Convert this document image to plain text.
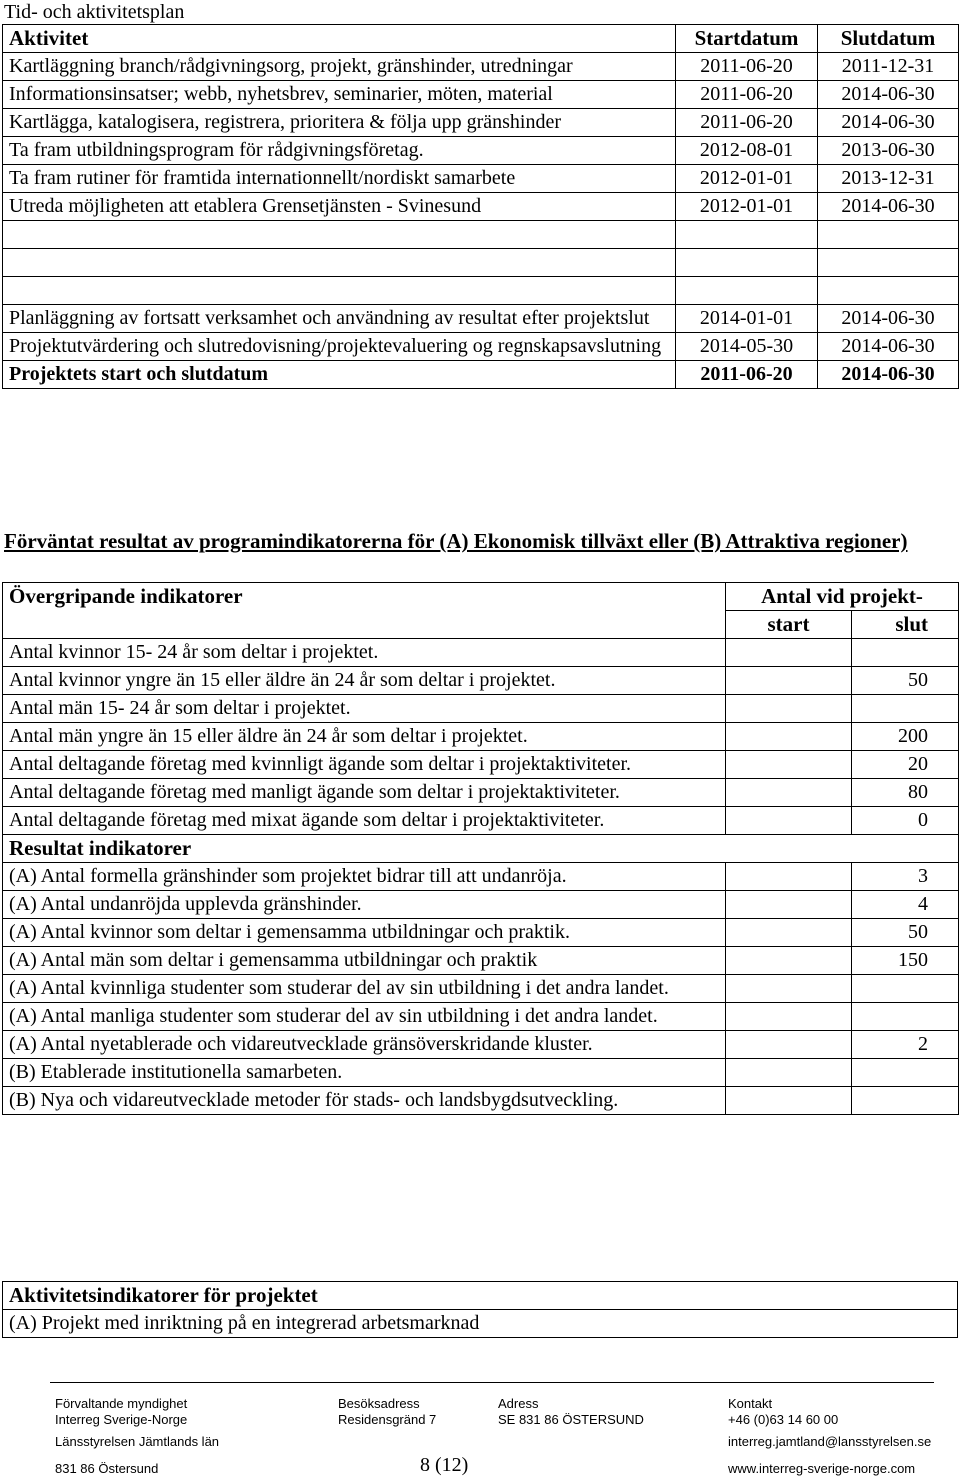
Tid- och aktivitetsplan
Aktivitet	Startdatum	Slutdatum
Kartläggning branch/rådgivningsorg, projekt, gränshinder, utredningar	2011-06-20	2011-12-31
Informationsinsatser; webb, nyhetsbrev, seminarier, möten, material	2011-06-20	2014-06-30
Kartlägga, katalogisera, registrera, prioritera & följa upp gränshinder	2011-06-20	2014-06-30
Ta fram utbildningsprogram för rådgivningsföretag.	2012-08-01	2013-06-30
Ta fram rutiner för framtida internationnellt/nordiskt samarbete	2012-01-01	2013-12-31
Utreda möjligheten att etablera Grensetjänsten - Svinesund	2012-01-01	2014-06-30

Planläggning av fortsatt verksamhet och användning av resultat efter projektslut	2014-01-01	2014-06-30
Projektutvärdering och slutredovisning/projektevaluering og regnskapsavslutning	2014-05-30	2014-06-30
Projektets start och slutdatum	2011-06-20	2014-06-30
Förväntat resultat av programindikatorerna för (A) Ekonomisk tillväxt eller (B) Attraktiva regioner)
Övergripande indikatorer	Antal vid projekt-	
	start	slut
Antal kvinnor 15- 24 år som deltar i projektet.		
Antal kvinnor yngre än 15 eller äldre än 24 år som deltar i projektet.		50
Antal män 15- 24 år som deltar i projektet.		
Antal män yngre än 15 eller äldre än 24 år som deltar i projektet.		200
Antal deltagande företag med kvinnligt ägande som deltar i projektaktiviteter.		20
Antal deltagande företag med manligt ägande som deltar i projektaktiviteter.		80
Antal deltagande företag med mixat ägande som deltar i projektaktiviteter.		0
Resultat indikatorer		
(A) Antal formella gränshinder som projektet bidrar till att undanröja.		3
(A) Antal undanröjda upplevda gränshinder.		4
(A) Antal kvinnor som deltar i gemensamma utbildningar och praktik.		50
(A) Antal män som deltar i gemensamma utbildningar och praktik		150
(A) Antal kvinnliga studenter som studerar del av sin utbildning i det andra landet.		
(A) Antal manliga studenter som studerar del av sin utbildning i det andra landet.		
(A) Antal nyetablerade och vidareutvecklade gränsöverskridande kluster.		2
(B) Etablerade institutionella samarbeten.		
(B) Nya och vidareutvecklade metoder för stads- och landsbygdsutveckling.		
Aktivitetsindikatorer för projektet
(A) Projekt med inriktning på en integrerad arbetsmarknad
Förvaltande myndighet
Interreg Sverige-Norge
Länsstyrelsen Jämtlands län
831 86 Östersund
Besöksadress
Residensgränd 7
Adress
SE 831 86 ÖSTERSUND
Kontakt
+46 (0)63 14 60 00
interreg.jamtland@lansstyrelsen.se
www.interreg-sverige-norge.com
8 (12)
